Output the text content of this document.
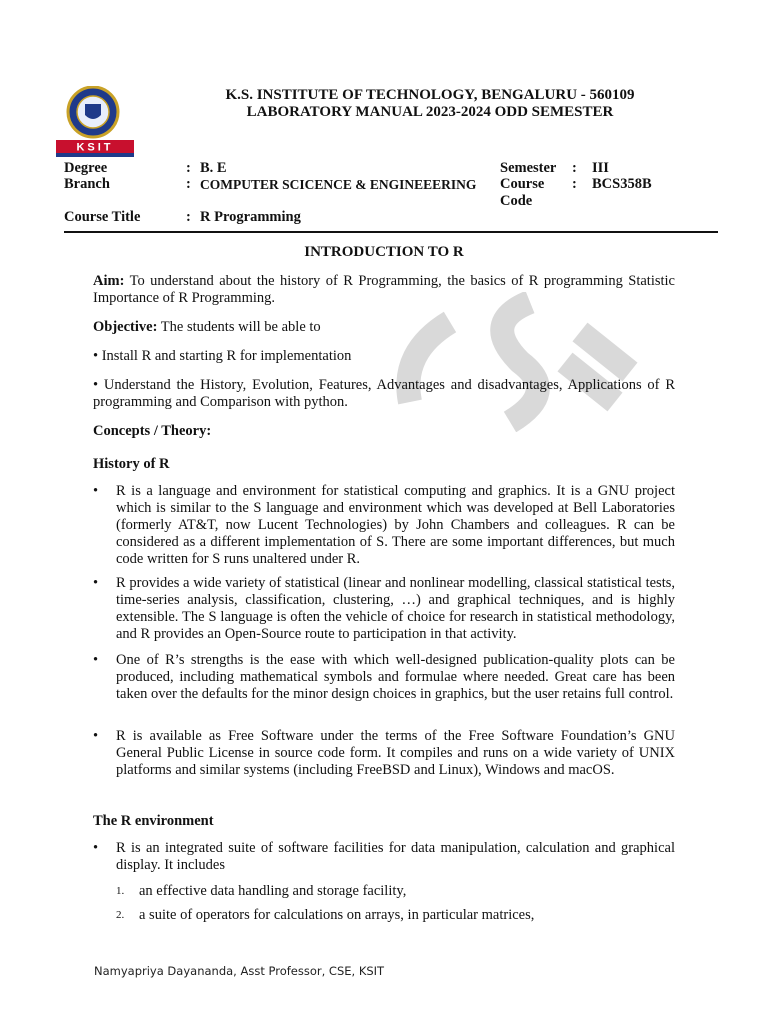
KSIT
K.S. INSTITUTE OF TECHNOLOGY, BENGALURU - 560109
LABORATORY MANUAL 2023-2024 ODD SEMESTER
Degree	: B. E
Branch	: COMPUTER SCICENCE & ENGINEEERING
Course Title	: R Programming
Semester : III
Course
Code
: BCS358B
INTRODUCTION TO R
Aim: To understand about the history of R Programming, the basics of R programming Statistic Importance of R Programming.
Objective: The students will be able to
• Install R and starting R for implementation
• Understand the History, Evolution, Features, Advantages and disadvantages, Applications of R programming and Comparison with python.
Concepts / Theory:
History of R
• R is a language and environment for statistical computing and graphics. It is a GNU project which is similar to the S language and environment which was developed at Bell Laboratories (formerly AT&T, now Lucent Technologies) by John Chambers and colleagues. R can be considered as a different implementation of S. There are some important differences, but much code written for S runs unaltered under R.
• R provides a wide variety of statistical (linear and nonlinear modelling, classical statistical tests, time-series analysis, classification, clustering, …) and graphical techniques, and is highly extensible. The S language is often the vehicle of choice for research in statistical methodology, and R provides an Open-Source route to participation in that activity.
• One of R’s strengths is the ease with which well-designed publication-quality plots can be produced, including mathematical symbols and formulae where needed. Great care has been taken over the defaults for the minor design choices in graphics, but the user retains full control.
• R is available as Free Software under the terms of the Free Software Foundation’s GNU General Public License in source code form. It compiles and runs on a wide variety of UNIX platforms and similar systems (including FreeBSD and Linux), Windows and macOS.
The R environment
• R is an integrated suite of software facilities for data manipulation, calculation and graphical display. It includes
1. an effective data handling and storage facility,
2. a suite of operators for calculations on arrays, in particular matrices,
Namyapriya Dayananda, Asst Professor, CSE, KSIT
